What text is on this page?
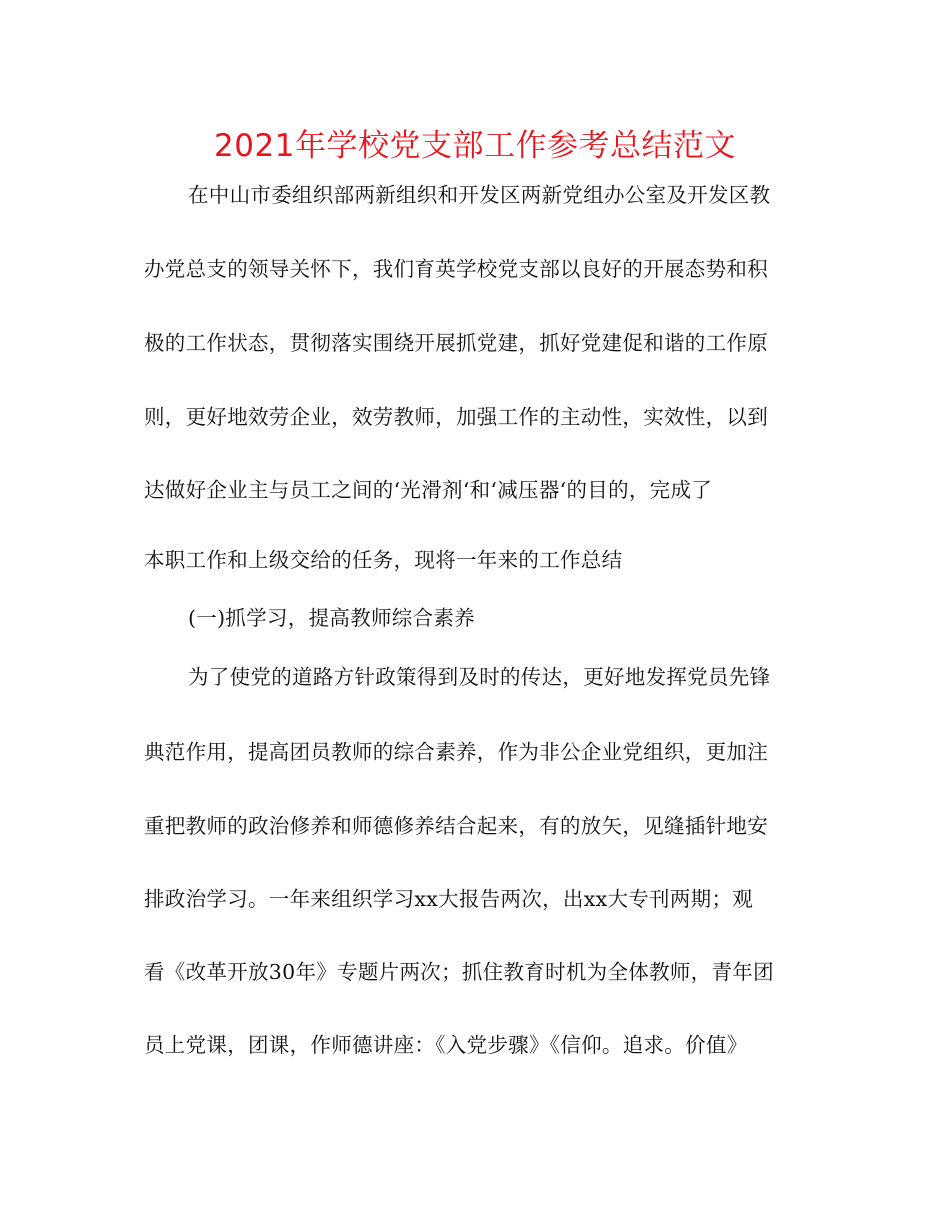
2021年学校党支部工作参考总结范文
在中山市委组织部两新组织和开发区两新党组办公室及开发区教
办党总支的领导关怀下，我们育英学校党支部以良好的开展态势和积
极的工作状态，贯彻落实围绕开展抓党建，抓好党建促和谐的工作原
则，更好地效劳企业，效劳教师，加强工作的主动性，实效性，以到
达做好企业主与员工之间的‘光滑剂‘和‘减压器‘的目的，完成了
本职工作和上级交给的任务，现将一年来的工作总结
(一)抓学习，提高教师综合素养
为了使党的道路方针政策得到及时的传达，更好地发挥党员先锋
典范作用，提高团员教师的综合素养，作为非公企业党组织，更加注
重把教师的政治修养和师德修养结合起来，有的放矢，见缝插针地安
排政治学习。一年来组织学习xx大报告两次，出xx大专刊两期；观
看《改革开放30年》专题片两次；抓住教育时机为全体教师，青年团
员上党课，团课，作师德讲座：《入党步骤》《信仰。追求。价值》
